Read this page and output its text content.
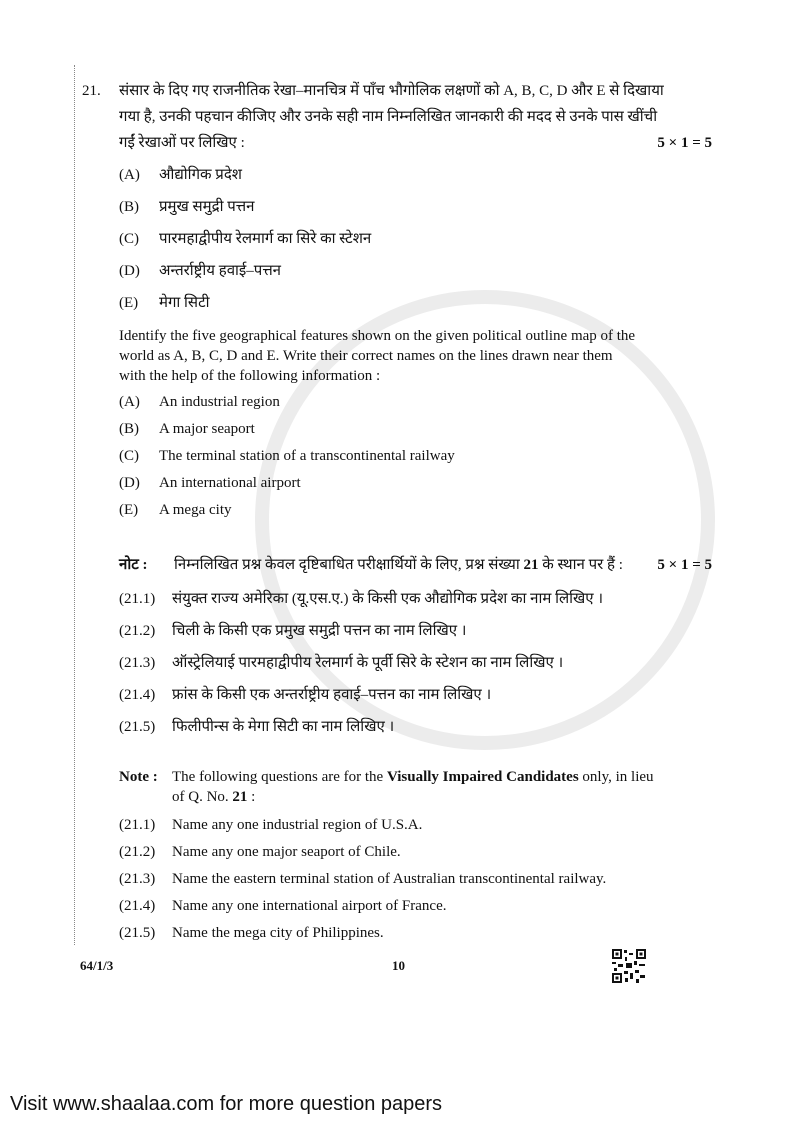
21.	संसार के दिए गए राजनीतिक रेखा–मानचित्र में पाँच भौगोलिक लक्षणों को A, B, C, D और E से दिखाया
गया है, उनकी पहचान कीजिए और उनके सही नाम निम्नलिखित जानकारी की मदद से उनके पास खींची
गईं रेखाओं पर लिखिए :	5 × 1 = 5
(A)	औद्योगिक प्रदेश
(B)	प्रमुख समुद्री पत्तन
(C)	पारमहाद्वीपीय रेलमार्ग का सिरे का स्टेशन
(D)	अन्तर्राष्ट्रीय हवाई–पत्तन
(E)	मेगा सिटी
Identify the five geographical features shown on the given political outline map of the
world as A, B, C, D and E. Write their correct names on the lines drawn near them
with the help of the following information :
(A)	An industrial region
(B)	A major seaport
(C)	The terminal station of a transcontinental railway
(D)	An international airport
(E)	A mega city
नोट :	निम्नलिखित प्रश्न केवल दृष्टिबाधित परीक्षार्थियों के लिए, प्रश्न संख्या 21 के स्थान पर हैं :	5 × 1 = 5
(21.1)	संयुक्त राज्य अमेरिका (यू.एस.ए.) के किसी एक औद्योगिक प्रदेश का नाम लिखिए ।
(21.2)	चिली के किसी एक प्रमुख समुद्री पत्तन का नाम लिखिए ।
(21.3)	ऑस्ट्रेलियाई पारमहाद्वीपीय रेलमार्ग के पूर्वी सिरे के स्टेशन का नाम लिखिए ।
(21.4)	फ्रांस के किसी एक अन्तर्राष्ट्रीय हवाई–पत्तन का नाम लिखिए ।
(21.5)	फिलीपीन्स के मेगा सिटी का नाम लिखिए ।
Note : The following questions are for the Visually Impaired Candidates only, in lieu
of Q. No. 21 :
(21.1)	Name any one industrial region of U.S.A.
(21.2)	Name any one major seaport of Chile.
(21.3)	Name the eastern terminal station of Australian transcontinental railway.
(21.4)	Name any one international airport of France.
(21.5)	Name the mega city of Philippines.
64/1/3	10
Visit www.shaalaa.com for more question papers
